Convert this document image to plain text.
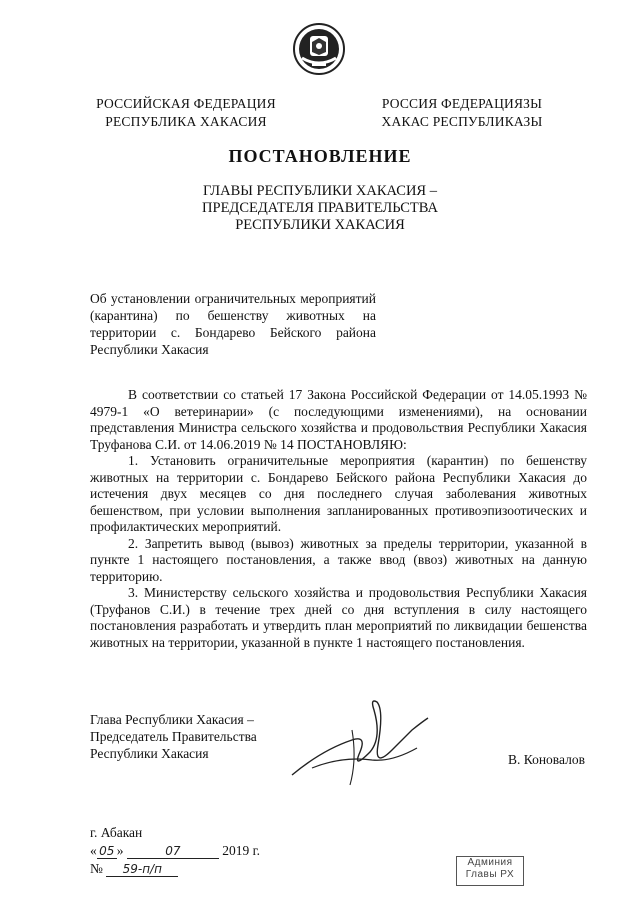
РОССИЙСКАЯ ФЕДЕРАЦИЯ
РЕСПУБЛИКА ХАКАСИЯ
РОССИЯ ФЕДЕРАЦИЯЗЫ
ХАКАС РЕСПУБЛИКАЗЫ
ПОСТАНОВЛЕНИЕ
ГЛАВЫ РЕСПУБЛИКИ ХАКАСИЯ –
ПРЕДСЕДАТЕЛЯ ПРАВИТЕЛЬСТВА
РЕСПУБЛИКИ ХАКАСИЯ
Об установлении ограничительных мероприятий (карантина) по бешенству животных на территории с. Бондарево Бейского района Республики Хакасия

В соответствии со статьей 17 Закона Российской Федерации от 14.05.1993 № 4979-1 «О ветеринарии» (с последующими изменениями), на основании представления Министра сельского хозяйства и продовольствия Республики Хакасия Труфанова С.И. от 14.06.2019 № 14 ПОСТАНОВЛЯЮ:

1. Установить ограничительные мероприятия (карантин) по бешенству животных на территории с. Бондарево Бейского района Республики Хакасия до истечения двух месяцев со дня последнего случая заболевания животных бешенством, при условии выполнения запланированных противоэпизоотических и профилактических мероприятий.

2. Запретить вывод (вывоз) животных за пределы территории, указанной в пункте 1 настоящего постановления, а также ввод (ввоз) животных на данную территорию.

3. Министерству сельского хозяйства и продовольствия Республики Хакасия (Труфанов С.И.) в течение трех дней со дня вступления в силу настоящего постановления разработать и утвердить план мероприятий по ликвидации бешенства животных на территории, указанной в пункте 1 настоящего постановления.

Глава Республики Хакасия –
Председатель Правительства
Республики Хакасия	В. Коновалов
г. Абакан
« 05 »	07	2019 г.
№ 59-п/п	Админия
Главы РХ
